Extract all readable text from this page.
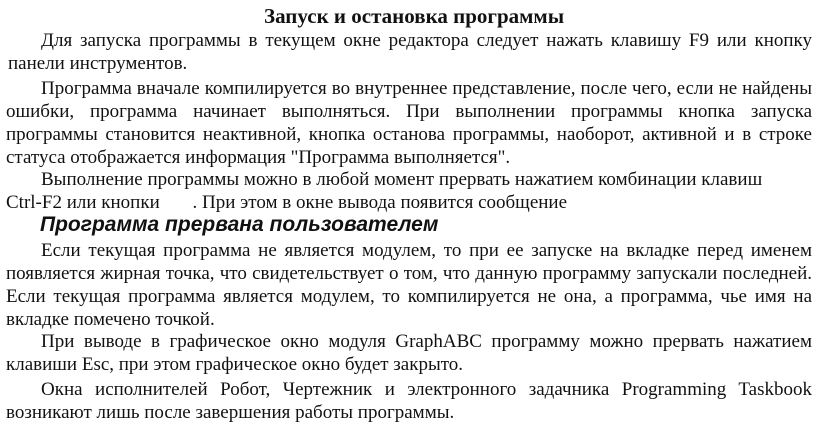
Запуск и остановка программы

Для запуска программы в текущем окне редактора следует нажать клавишу F9 или кнопку панели инструментов.

Программа вначале компилируется во внутреннее представление, после чего, если не найдены ошибки, программа начинает выполняться. При выполнении программы кнопка запуска программы становится неактивной, кнопка останова программы, наоборот, активной и в строке статуса отображается информация "Программа выполняется".

Выполнение программы можно в любой момент прервать нажатием комбинации клавиш
Ctrl-F2 или кнопки . При этом в окне вывода появится сообщение

Программа прервана пользователем

Если текущая программа не является модулем, то при ее запуске на вкладке перед именем появляется жирная точка, что свидетельствует о том, что данную программу запускали последней. Если текущая программа является модулем, то компилируется не она, а программа, чье имя на вкладке помечено точкой.

При выводе в графическое окно модуля GraphABC программу можно прервать нажатием клавиши Esc, при этом графическое окно будет закрыто.

Окна исполнителей Робот, Чертежник и электронного задачника Programming Taskbook возникают лишь после завершения работы программы.
